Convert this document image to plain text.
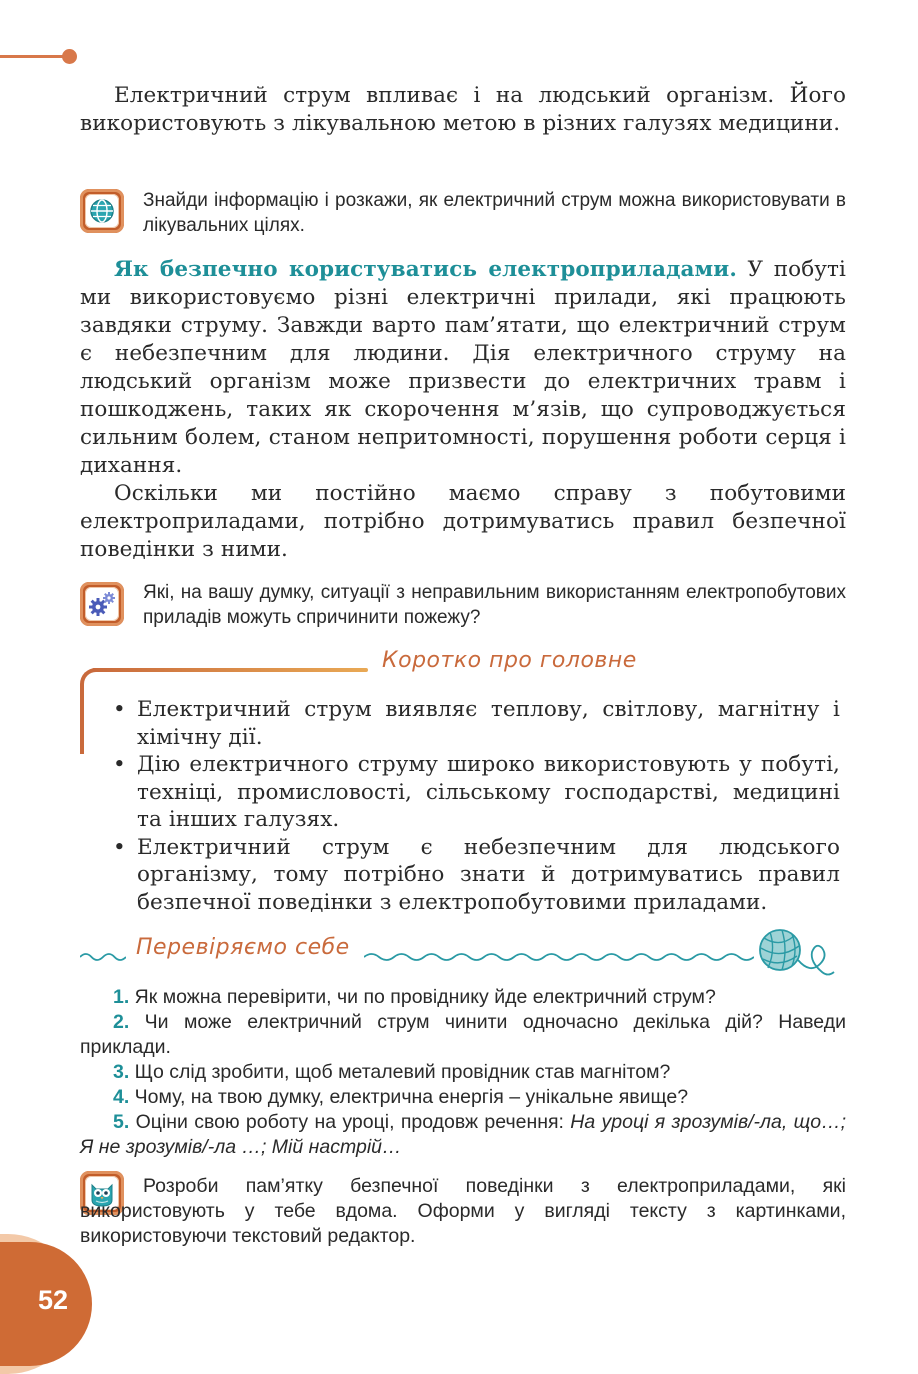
Електричний струм впливає і на людський організм. Його використовують з лікувальною метою в різних галузях медицини.

Знайди інформацію і розкажи, як електричний струм можна використовувати в лікувальних цілях.

Як безпечно користуватись електроприладами. У побуті ми використовуємо різні електричні прилади, які працюють завдяки струму. Завжди варто пам’ятати, що електричний струм є небезпечним для людини. Дія електричного струму на людський організм може призвести до електричних травм і пошкоджень, таких як скорочення м’язів, що супроводжується сильним болем, станом непритомності, порушення роботи серця і дихання.

Оскільки ми постійно маємо справу з побутовими електроприладами, потрібно дотримуватись правил безпечної поведінки з ними.

Які, на вашу думку, ситуації з неправильним використанням електропобутових приладів можуть спричинити пожежу?

Коротко про головне
• Електричний струм виявляє теплову, світлову, магнітну і хімічну дії.
• Дію електричного струму широко використовують у побуті, техніці, промисловості, сільському господарстві, медицині та інших галузях.
• Електричний струм є небезпечним для людського організму, тому потрібно знати й дотримуватись правил безпечної поведінки з електропобутовими приладами.
Перевіряємо себе

1. Як можна перевірити, чи по провіднику йде електричний струм?

2. Чи може електричний струм чинити одночасно декілька дій? Наведи приклади.

3. Що слід зробити, щоб металевий провідник став магнітом?

4. Чому, на твою думку, електрична енергія – унікальне явище?

5. Оціни свою роботу на уроці, продовж речення: На уроці я зрозумів/-ла, що…; Я не зрозумів/-ла …; Мій настрій…

Розроби пам’ятку безпечної поведінки з електроприладами, які використовують у тебе вдома. Оформи у вигляді тексту з картинками, використовуючи текстовий редактор.

52
